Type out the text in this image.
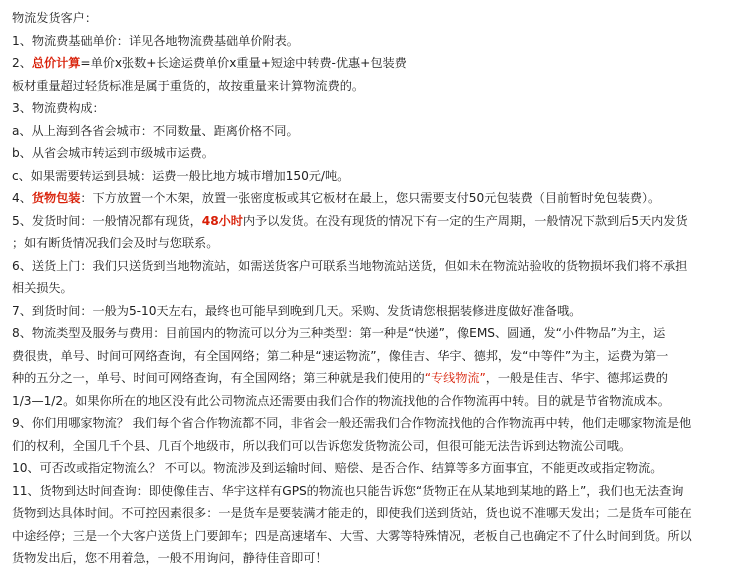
物流发货客户：
1、物流费基础单价：详见各地物流费基础单价附表。
2、总价计算=单价x张数+长途运费单价x重量+短途中转费-优惠+包装费
板材重量超过轻货标准是属于重货的，故按重量来计算物流费的。
3、物流费构成：
a、从上海到各省会城市：不同数量、距离价格不同。
b、从省会城市转运到市级城市运费。
c、如果需要转运到县城：运费一般比地方城市增加150元/吨。
4、货物包装：下方放置一个木架，放置一张密度板或其它板材在最上，您只需要支付50元包装费（目前暂时免包装费）。
5、发货时间：一般情况都有现货，48小时内予以发货。在没有现货的情况下有一定的生产周期，一般情况下款到后5天内发货
；如有断货情况我们会及时与您联系。
6、送货上门：我们只送货到当地物流站，如需送货客户可联系当地物流站送货，但如未在物流站验收的货物损坏我们将不承担
相关损失。
7、到货时间：一般为5-10天左右，最终也可能早到晚到几天。采购、发货请您根据装修进度做好准备哦。
8、物流类型及服务与费用：目前国内的物流可以分为三种类型：第一种是“快递”，像EMS、圆通，发“小件物品”为主，运
费很贵，单号、时间可网络查询，有全国网络；第二种是“速运物流”，像佳吉、华宇、德邦，发“中等件”为主，运费为第一
种的五分之一，单号、时间可网络查询，有全国网络；第三种就是我们使用的“专线物流”，一般是佳吉、华宇、德邦运费的
1/3—1/2。如果你所在的地区没有此公司物流点还需要由我们合作的物流找他的合作物流再中转。目的就是节省物流成本。
9、你们用哪家物流？ 我们每个省合作物流都不同，非省会一般还需我们合作物流找他的合作物流再中转，他们走哪家物流是他
们的权利，全国几千个县、几百个地级市，所以我们可以告诉您发货物流公司，但很可能无法告诉到达物流公司哦。
10、可否改或指定物流么？ 不可以。物流涉及到运输时间、赔偿、是否合作、结算等多方面事宜，不能更改或指定物流。
11、货物到达时间查询：即使像佳吉、华宇这样有GPS的物流也只能告诉您“货物正在从某地到某地的路上”，我们也无法查询
货物到达具体时间。不可控因素很多：一是货车是要装满才能走的，即使我们送到货站，货也说不准哪天发出；二是货车可能在
中途经停；三是一个大客户送货上门要卸车；四是高速堵车、大雪、大雾等特殊情况，老板自己也确定不了什么时间到货。所以
货物发出后，您不用着急，一般不用询问，静待佳音即可！
